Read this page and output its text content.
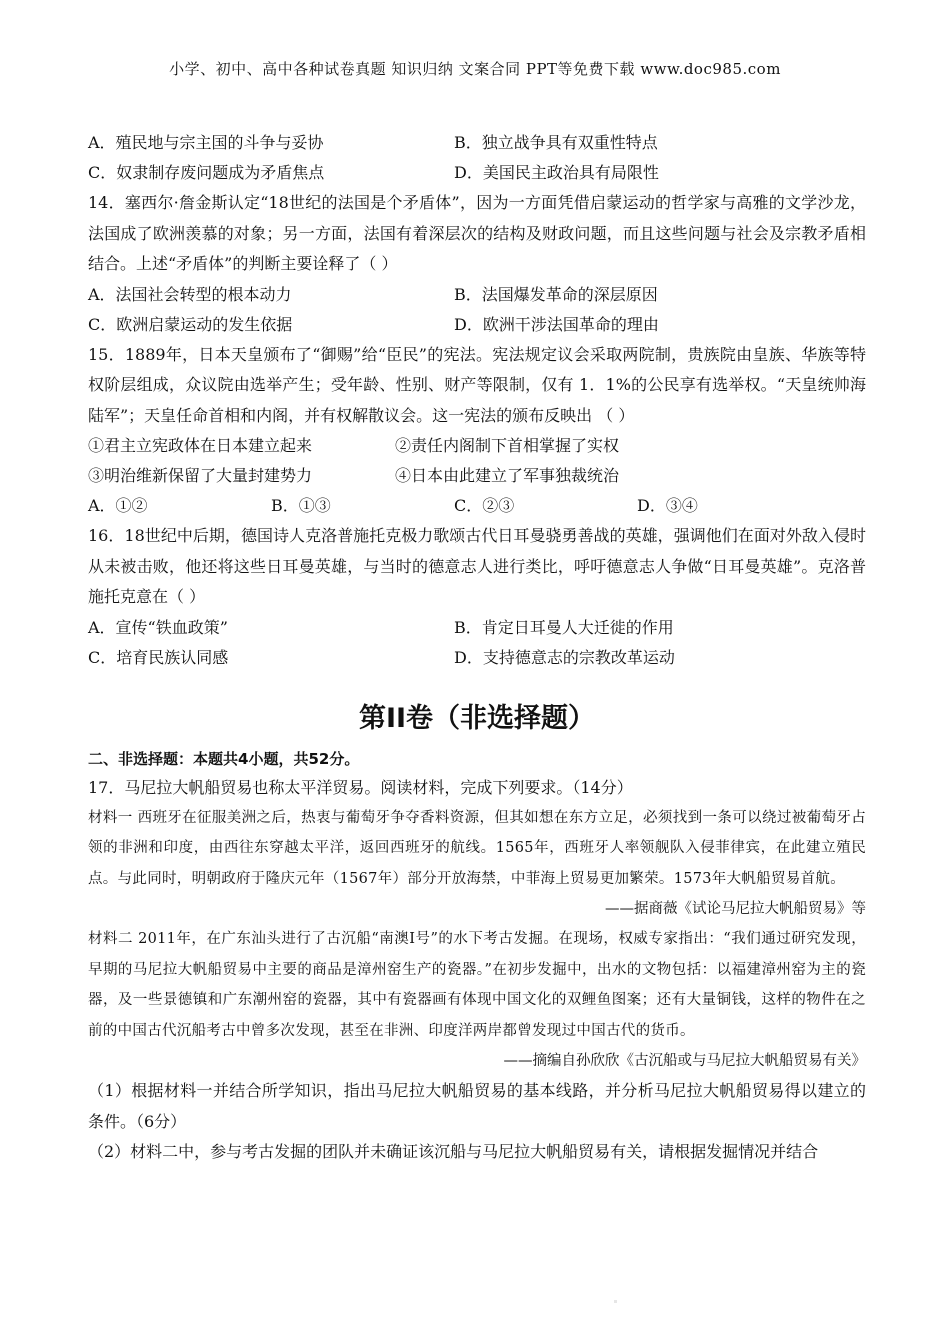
小学、初中、高中各种试卷真题 知识归纳 文案合同 PPT等免费下载 www.doc985.com
A．殖民地与宗主国的斗争与妥协	B．独立战争具有双重性特点
C．奴隶制存废问题成为矛盾焦点	D．美国民主政治具有局限性
14．塞西尔·詹金斯认定“18世纪的法国是个矛盾体”，因为一方面凭借启蒙运动的哲学家与高雅的文学沙龙，法国成了欧洲羡慕的对象；另一方面，法国有着深层次的结构及财政问题，而且这些问题与社会及宗教矛盾相结合。上述“矛盾体”的判断主要诠释了（ ）
A．法国社会转型的根本动力	B．法国爆发革命的深层原因
C．欧洲启蒙运动的发生依据	D．欧洲干涉法国革命的理由
15．1889年，日本天皇颁布了“御赐”给“臣民”的宪法。宪法规定议会采取两院制，贵族院由皇族、华族等特权阶层组成，众议院由选举产生；受年龄、性别、财产等限制，仅有 1．1%的公民享有选举权。“天皇统帅海陆军”；天皇任命首相和内阁，并有权解散议会。这一宪法的颁布反映出 （ ）
①君主立宪政体在日本建立起来	②责任内阁制下首相掌握了实权
③明治维新保留了大量封建势力	④日本由此建立了军事独裁统治
A．①②	B．①③	C．②③	D．③④
16．18世纪中后期，德国诗人克洛普施托克极力歌颂古代日耳曼骁勇善战的英雄，强调他们在面对外敌入侵时从未被击败，他还将这些日耳曼英雄，与当时的德意志人进行类比，呼吁德意志人争做“日耳曼英雄”。克洛普施托克意在（ ）
A．宣传“铁血政策”	B．肯定日耳曼人大迁徙的作用
C．培育民族认同感	D．支持德意志的宗教改革运动
第II卷（非选择题）
二、非选择题：本题共4小题，共52分。
17．马尼拉大帆船贸易也称太平洋贸易。阅读材料，完成下列要求。（14分）
材料一 西班牙在征服美洲之后，热衷与葡萄牙争夺香料资源，但其如想在东方立足，必须找到一条可以绕过被葡萄牙占领的非洲和印度，由西往东穿越太平洋，返回西班牙的航线。1565年，西班牙人率领舰队入侵菲律宾，在此建立殖民点。与此同时，明朝政府于隆庆元年（1567年）部分开放海禁，中菲海上贸易更加繁荣。1573年大帆船贸易首航。
——据商薇《试论马尼拉大帆船贸易》等
材料二 2011年，在广东汕头进行了古沉船“南澳Ⅰ号”的水下考古发掘。在现场，权威专家指出：“我们通过研究发现，早期的马尼拉大帆船贸易中主要的商品是漳州窑生产的瓷器。”在初步发掘中，出水的文物包括：以福建漳州窑为主的瓷器，及一些景德镇和广东潮州窑的瓷器，其中有瓷器画有体现中国文化的双鲤鱼图案；还有大量铜钱，这样的物件在之前的中国古代沉船考古中曾多次发现，甚至在非洲、印度洋两岸都曾发现过中国古代的货币。
——摘编自孙欣欣《古沉船或与马尼拉大帆船贸易有关》
（1）根据材料一并结合所学知识，指出马尼拉大帆船贸易的基本线路，并分析马尼拉大帆船贸易得以建立的条件。（6分）
（2）材料二中，参与考古发掘的团队并未确证该沉船与马尼拉大帆船贸易有关，请根据发掘情况并结合
